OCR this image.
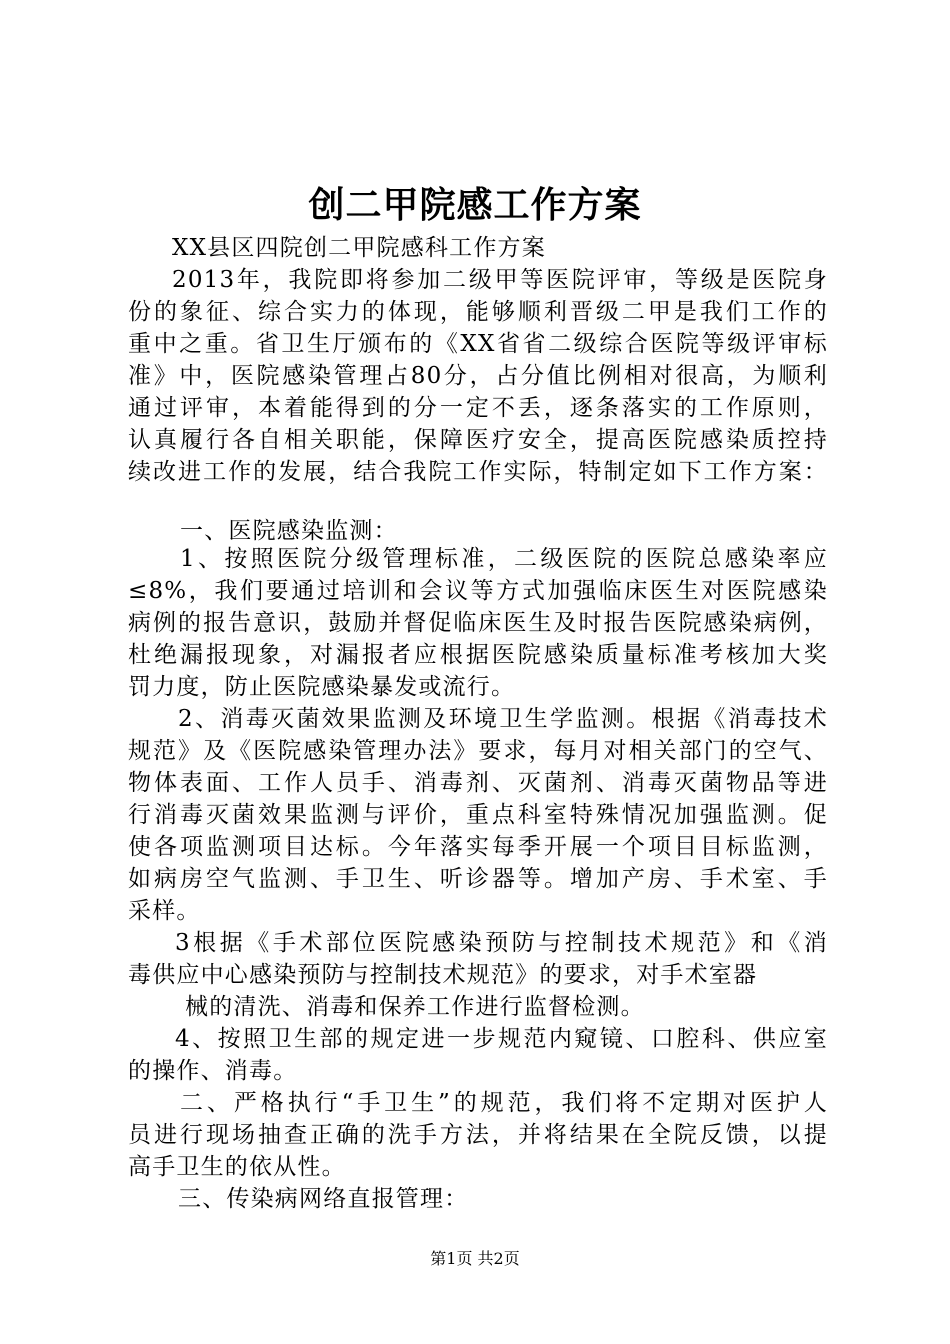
创二甲院感工作方案
XX县区四院创二甲院感科工作方案
2013年，我院即将参加二级甲等医院评审，等级是医院身
份的象征、综合实力的体现，能够顺利晋级二甲是我们工作的
重中之重。省卫生厅颁布的《XX省省二级综合医院等级评审标
准》中，医院感染管理占80分，占分值比例相对很高，为顺利
通过评审，本着能得到的分一定不丢，逐条落实的工作原则，
认真履行各自相关职能，保障医疗安全，提高医院感染质控持
续改进工作的发展，结合我院工作实际，特制定如下工作方案：
一、医院感染监测：
1、按照医院分级管理标准，二级医院的医院总感染率应
≤8%，我们要通过培训和会议等方式加强临床医生对医院感染
病例的报告意识，鼓励并督促临床医生及时报告医院感染病例，
杜绝漏报现象，对漏报者应根据医院感染质量标准考核加大奖
罚力度，防止医院感染暴发或流行。
2、消毒灭菌效果监测及环境卫生学监测。根据《消毒技术
规范》及《医院感染管理办法》要求，每月对相关部门的空气、
物体表面、工作人员手、消毒剂、灭菌剂、消毒灭菌物品等进
行消毒灭菌效果监测与评价，重点科室特殊情况加强监测。促
使各项监测项目达标。今年落实每季开展一个项目目标监测，
如病房空气监测、手卫生、听诊器等。增加产房、手术室、手
采样。
3根据《手术部位医院感染预防与控制技术规范》和《消
毒供应中心感染预防与控制技术规范》的要求，对手术室器
械的清洗、消毒和保养工作进行监督检测。
4、按照卫生部的规定进一步规范内窥镜、口腔科、供应室
的操作、消毒。
二、严格执行“手卫生”的规范，我们将不定期对医护人
员进行现场抽查正确的洗手方法，并将结果在全院反馈，以提
高手卫生的依从性。
三、传染病网络直报管理：
第1页 共2页
